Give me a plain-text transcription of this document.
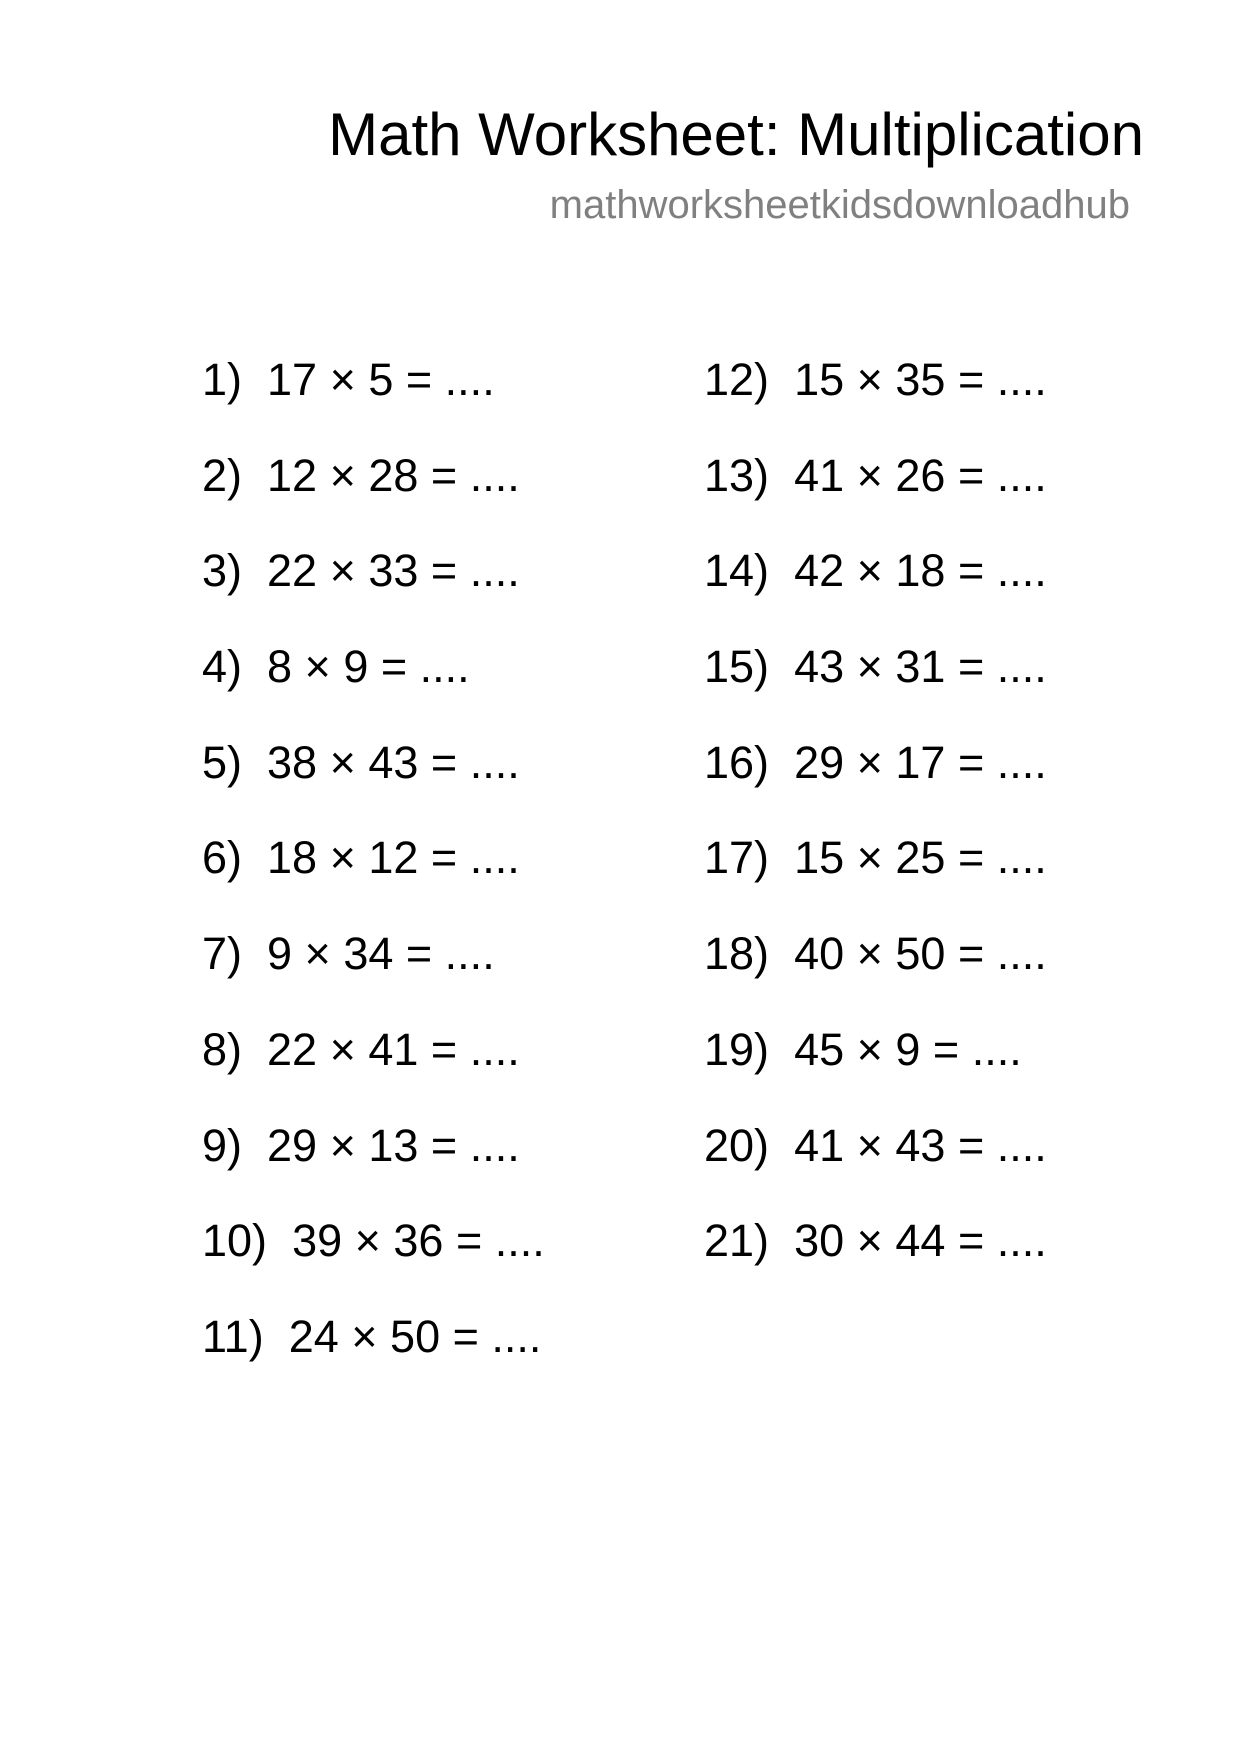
Math Worksheet: Multiplication
mathworksheetkidsdownloadhub
1) 17 × 5 = ....
2) 12 × 28 = ....
3) 22 × 33 = ....
4) 8 × 9 = ....
5) 38 × 43 = ....
6) 18 × 12 = ....
7) 9 × 34 = ....
8) 22 × 41 = ....
9) 29 × 13 = ....
10) 39 × 36 = ....
11) 24 × 50 = ....
12) 15 × 35 = ....
13) 41 × 26 = ....
14) 42 × 18 = ....
15) 43 × 31 = ....
16) 29 × 17 = ....
17) 15 × 25 = ....
18) 40 × 50 = ....
19) 45 × 9 = ....
20) 41 × 43 = ....
21) 30 × 44 = ....
